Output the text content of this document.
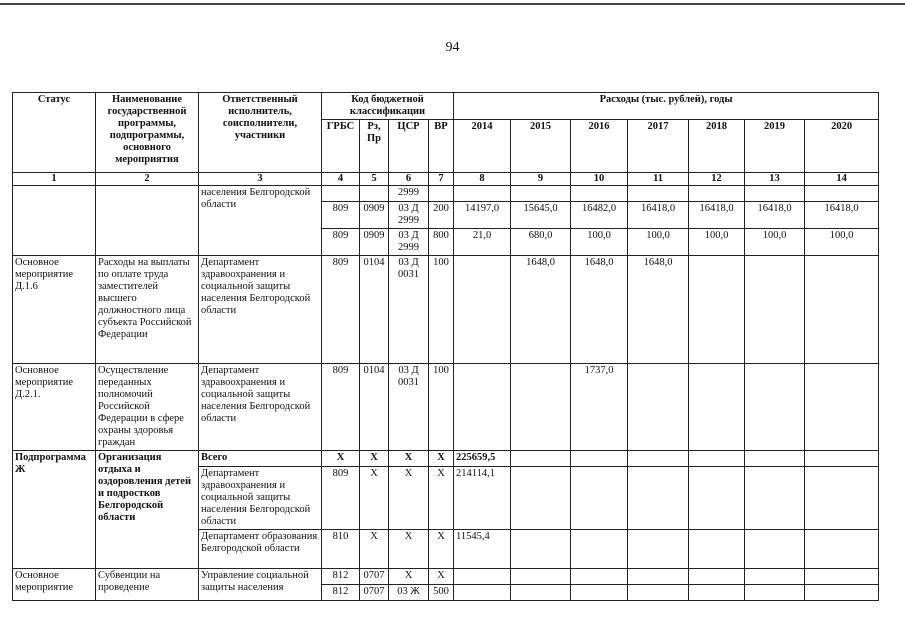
94
Статус	Наименование государственной программы, подпрограммы, основного мероприятия	Ответственный исполнитель, соисполнители, участники	Код бюджетной классификации				Расходы (тыс. рублей), годы						
			ГРБС	Рз, Пр	ЦСР	ВР	2014	2015	2016	2017	2018	2019	2020
1	2	3	4	5	6	7	8	9	10	11	12	13	14
		населения Белгородской области			2999								
			809	0909	03 Д 2999	200	14197,0	15645,0	16482,0	16418,0	16418,0	16418,0	16418,0
			809	0909	03 Д 2999	800	21,0	680,0	100,0	100,0	100,0	100,0	100,0
Основное мероприятие Д.1.6	Расходы на выплаты по оплате труда заместителей высшего должностного лица субъекта Российской Федерации	Департамент здравоохранения и социальной защиты населения Белгородской области	809	0104	03 Д 0031	100		1648,0	1648,0	1648,0			
Основное мероприятие Д.2.1.	Осуществление переданных полномочий Российской Федерации в сфере охраны здоровья граждан	Департамент здравоохранения и социальной защиты населения Белгородской области	809	0104	03 Д 0031	100			1737,0				
Подпрограмма Ж	Организация отдыха и оздоровления детей и подростков Белгородской области	Всего	Х	Х	Х	Х	225659,5						
		Департамент здравоохранения и социальной защиты населения Белгородской области	809	Х	Х	Х	214114,1						
		Департамент образования Белгородской области	810	Х	Х	Х	11545,4						
Основное мероприятие	Субвенции на проведение	Управление социальной защиты населения	812	0707	Х	Х							
			812	0707	03 Ж	500							
